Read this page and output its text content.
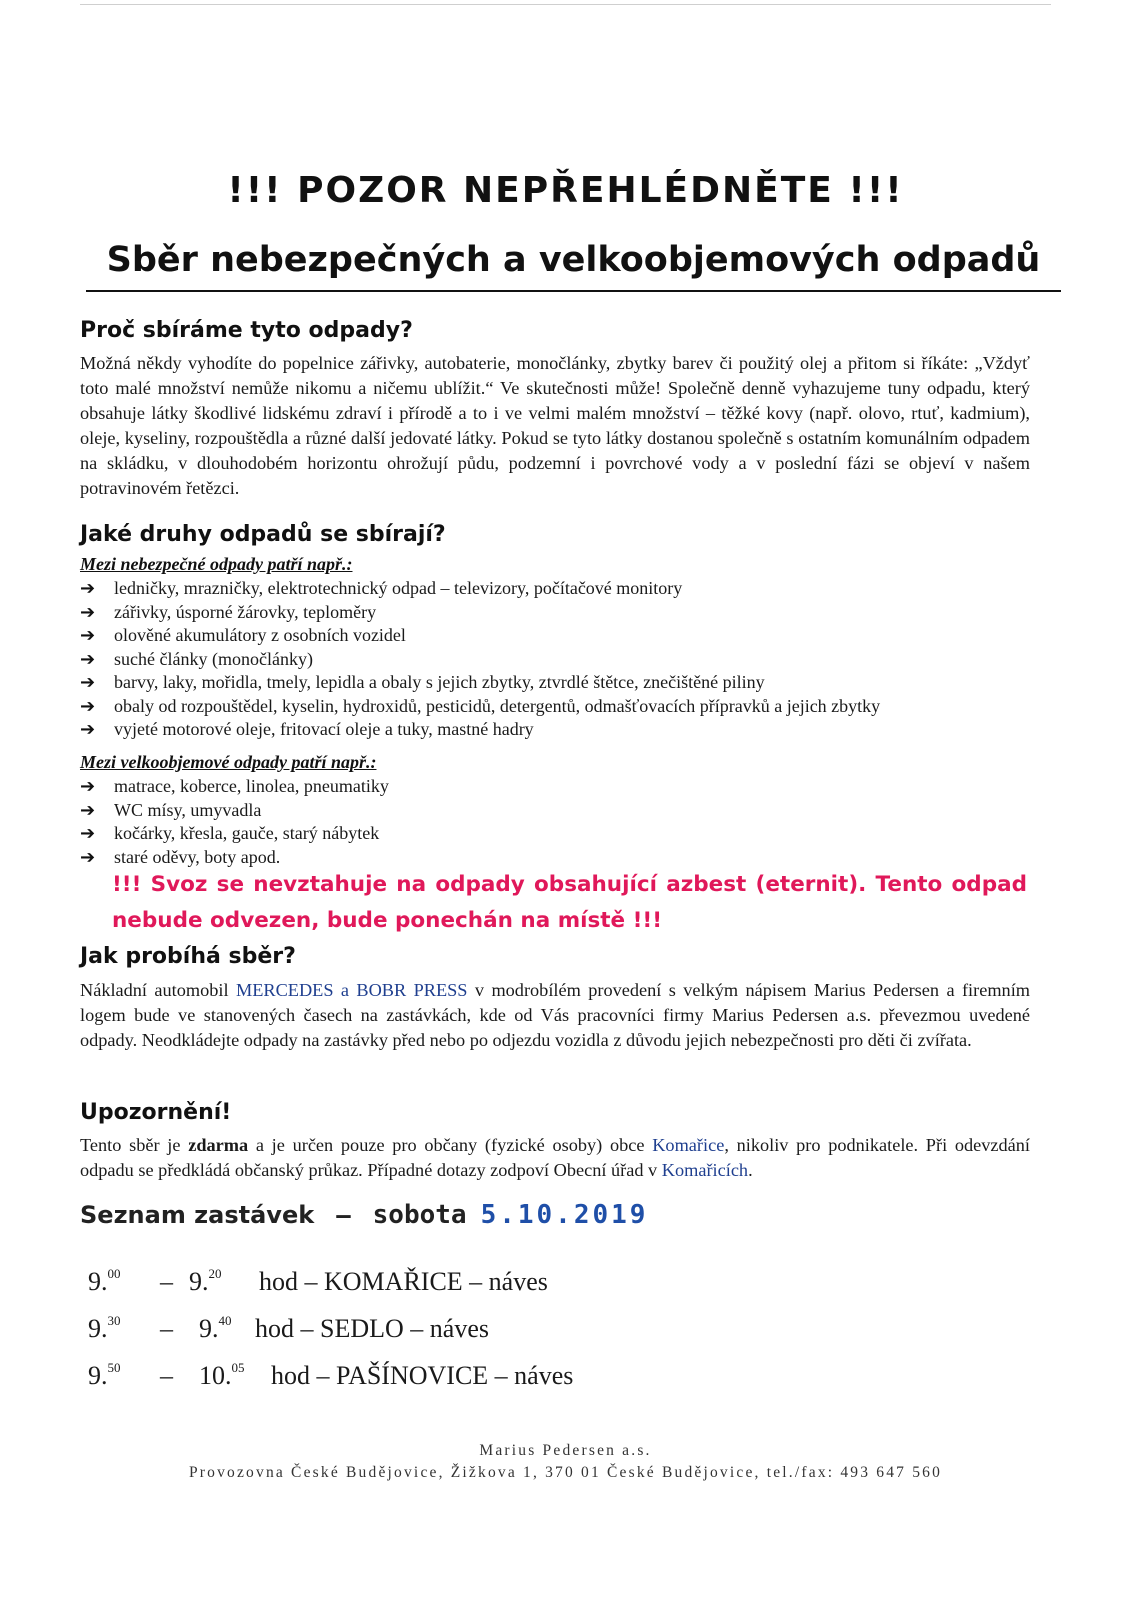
!!! POZOR NEPŘEHLÉDNĚTE !!!
Sběr nebezpečných a velkoobjemových odpadů
Proč sbíráme tyto odpady?

Možná někdy vyhodíte do popelnice zářivky, autobaterie, monočlánky, zbytky barev či použitý olej a přitom si říkáte: „Vždyť toto malé množství nemůže nikomu a ničemu ublížit.“ Ve skutečnosti může! Společně denně vyhazujeme tuny odpadu, který obsahuje látky škodlivé lidskému zdraví i přírodě a to i ve velmi malém množství – těžké kovy (např. olovo, rtuť, kadmium), oleje, kyseliny, rozpouštědla a různé další jedovaté látky. Pokud se tyto látky dostanou společně s ostatním komunálním odpadem na skládku, v dlouhodobém horizontu ohrožují půdu, podzemní i povrchové vody a v poslední fázi se objeví v našem potravinovém řetězci.

Jaké druhy odpadů se sbírají?

Mezi nebezpečné odpady patří např.:

➔	ledničky, mrazničky, elektrotechnický odpad – televizory, počítačové monitory
➔	zářivky, úsporné žárovky, teploměry
➔	olověné akumulátory z osobních vozidel
➔	suché články (monočlánky)
➔	barvy, laky, mořidla, tmely, lepidla a obaly s jejich zbytky, ztvrdlé štětce, znečištěné piliny
➔	obaly od rozpouštědel, kyselin, hydroxidů, pesticidů, detergentů, odmašťovacích přípravků a jejich zbytky
➔	vyjeté motorové oleje, fritovací oleje a tuky, mastné hadry

Mezi velkoobjemové odpady patří např.:

➔	matrace, koberce, linolea, pneumatiky
➔	WC mísy, umyvadla
➔	kočárky, křesla, gauče, starý nábytek
➔	staré oděvy, boty apod.

!!! Svoz se nevztahuje na odpady obsahující azbest (eternit). Tento odpad nebude odvezen, bude ponechán na místě !!!

Jak probíhá sběr?

Nákladní automobil MERCEDES a BOBR PRESS v modrobílém provedení s velkým nápisem Marius Pedersen a firemním logem bude ve stanovených časech na zastávkách, kde od Vás pracovníci firmy Marius Pedersen a.s. převezmou uvedené odpady. Neodkládejte odpady na zastávky před nebo po odjezdu vozidla z důvodu jejich nebezpečnosti pro děti či zvířata.

Upozornění!

Tento sběr je zdarma a je určen pouze pro občany (fyzické osoby) obce Komařice, nikoliv pro podnikatele. Při odevzdání odpadu se předkládá občanský průkaz. Případné dotazy zodpoví Obecní úřad v Komařicích.

Seznam zastávek – sobota 5.10.2019

9.00 – 9.20 hod – KOMAŘICE – náves

9.30 – 9.40 hod – SEDLO – náves

9.50 – 10.05 hod – PAŠÍNOVICE – náves

Marius Pedersen a.s.

Provozovna České Budějovice, Žižkova 1, 370 01 České Budějovice, tel./fax: 493 647 560
